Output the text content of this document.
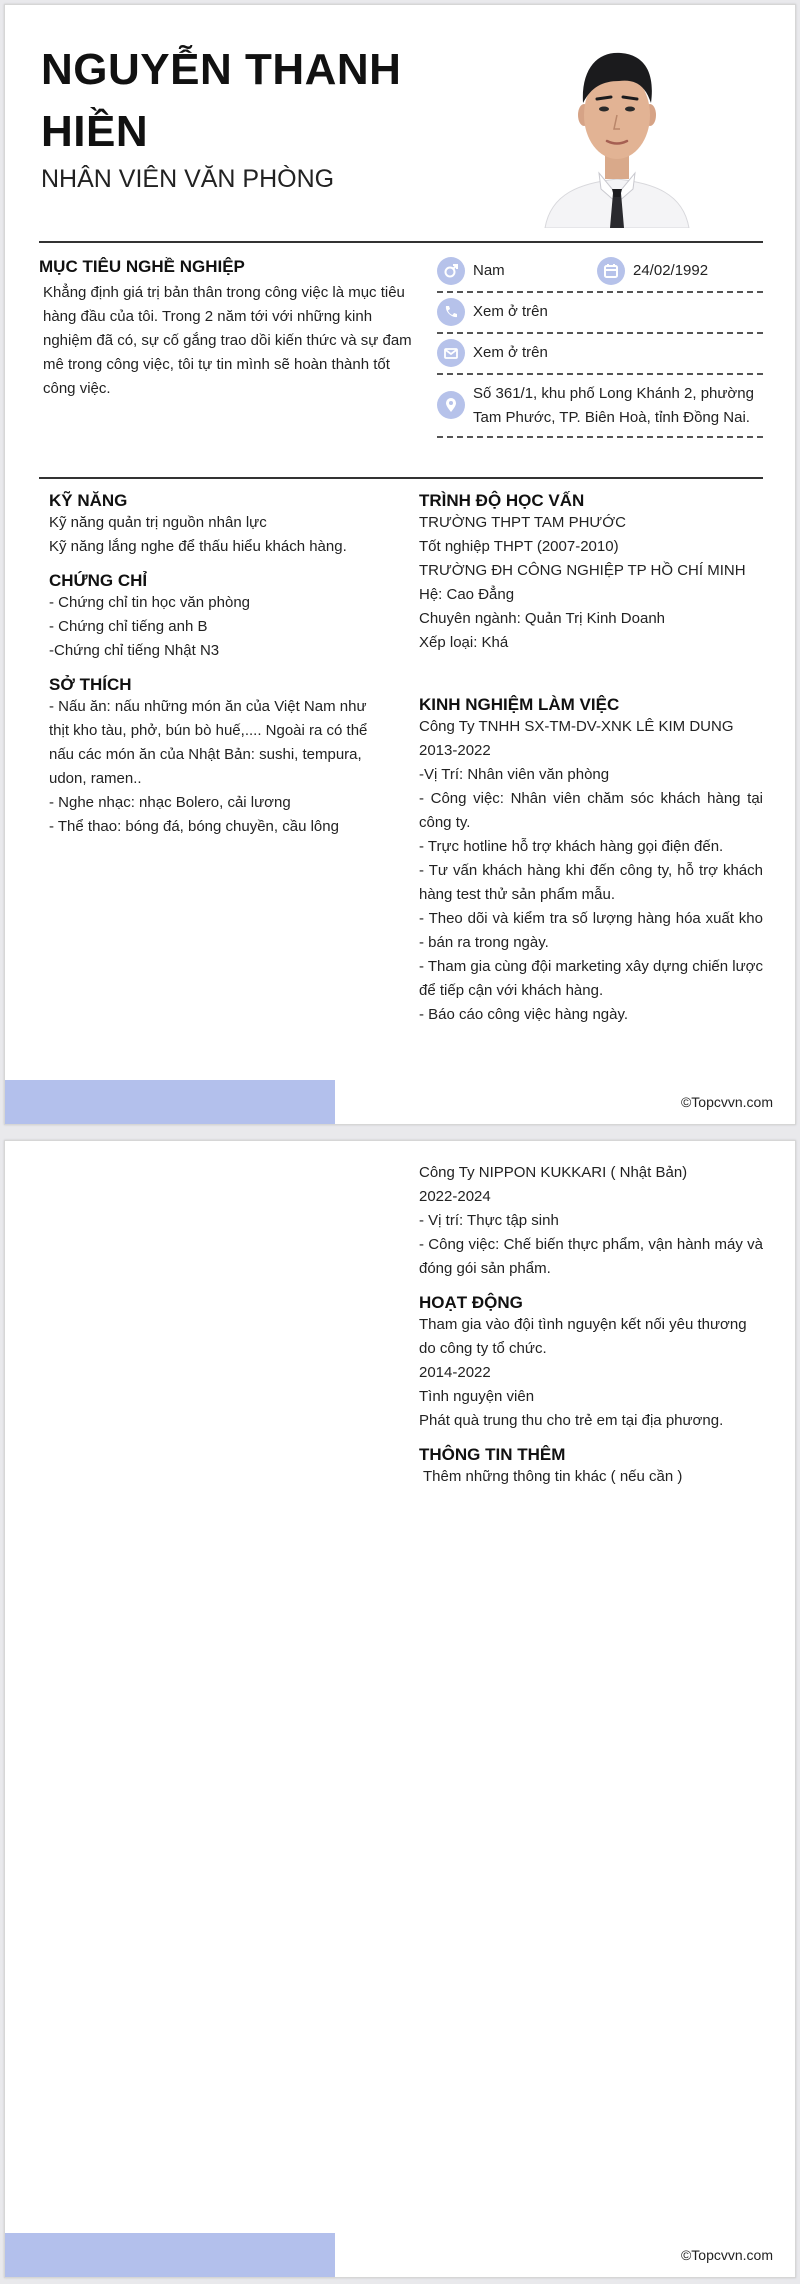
NGUYỄN THANH HIỀN
NHÂN VIÊN VĂN PHÒNG
MỤC TIÊU NGHỀ NGHIỆP
Khẳng định giá trị bản thân trong công việc là mục tiêu hàng đầu của tôi. Trong 2 năm tới với những kinh nghiệm đã có, sự cố gắng trao dồi kiến thức và sự đam mê trong công việc, tôi tự tin mình sẽ hoàn thành tốt công việc.
Nam	24/02/1992
Xem ở trên
Xem ở trên
Số 361/1, khu phố Long Khánh 2, phường Tam Phước, TP. Biên Hoà, tỉnh Đồng Nai.
KỸ NĂNG
Kỹ năng quản trị nguồn nhân lực
Kỹ năng lắng nghe để thấu hiểu khách hàng.
CHỨNG CHỈ
- Chứng chỉ tin học văn phòng
- Chứng chỉ tiếng anh B
-Chứng chỉ tiếng Nhật N3
SỞ THÍCH
- Nấu ăn: nấu những món ăn của Việt Nam như thịt kho tàu, phở, bún bò huế,.... Ngoài ra có thể nấu các món ăn của Nhật Bản: sushi, tempura, udon, ramen..
- Nghe nhạc: nhạc Bolero, cải lương
- Thể thao: bóng đá, bóng chuyền, cầu lông
TRÌNH ĐỘ HỌC VẤN
TRƯỜNG THPT TAM PHƯỚC
Tốt nghiệp THPT (2007-2010)
TRƯỜNG ĐH CÔNG NGHIỆP TP HỒ CHÍ MINH
Hệ: Cao Đẳng
Chuyên ngành: Quản Trị Kinh Doanh
Xếp loại: Khá
KINH NGHIỆM LÀM VIỆC
Công Ty TNHH SX-TM-DV-XNK LÊ KIM DUNG
2013-2022
-Vị Trí: Nhân viên văn phòng
- Công việc: Nhân viên chăm sóc khách hàng tại công ty.
- Trực hotline hỗ trợ khách hàng gọi điện đến.
- Tư vấn khách hàng khi đến công ty, hỗ trợ khách hàng test thử sản phẩm mẫu.
- Theo dõi và kiểm tra số lượng hàng hóa xuất kho - bán ra trong ngày.
- Tham gia cùng đội marketing xây dựng chiến lược để tiếp cận với khách hàng.
- Báo cáo công việc hàng ngày.
©Topcvvn.com
Công Ty NIPPON KUKKARI ( Nhật Bản)
2022-2024
- Vị trí: Thực tập sinh
- Công việc: Chế biến thực phẩm, vận hành máy và đóng gói sản phẩm.
HOẠT ĐỘNG
Tham gia vào đội tình nguyện kết nối yêu thương do công ty tổ chức.
2014-2022
Tình nguyện viên
Phát quà trung thu cho trẻ em tại địa phương.
THÔNG TIN THÊM
Thêm những thông tin khác ( nếu cần )
©Topcvvn.com
